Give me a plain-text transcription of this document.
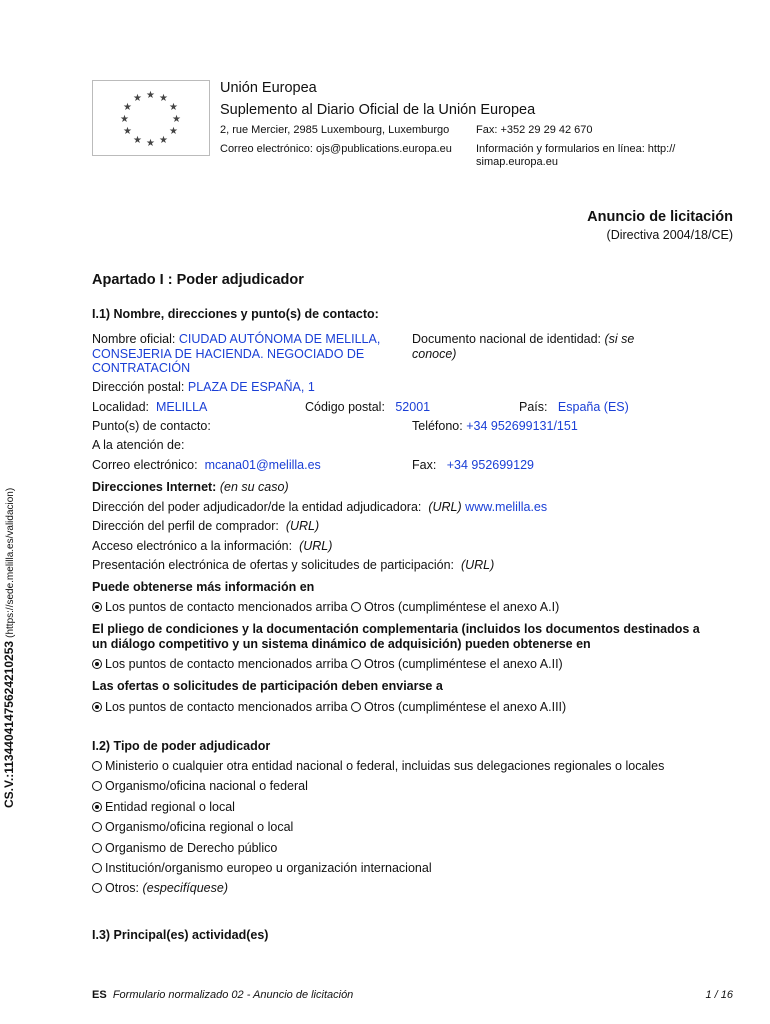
★ ★
★
★
★
★
★
★
★
★
★
★
Unión Europea
Suplemento al Diario Oficial de la Unión Europea
2, rue Mercier, 2985 Luxembourg, Luxemburgo Fax: +352 29 29 42 670
Correo electrónico: ojs@publications.europa.eu Información y formularios en línea: http://
simap.europa.eu
Anuncio de licitación
(Directiva 2004/18/CE)
Apartado I : Poder adjudicador
I.1) Nombre, direcciones y punto(s) de contacto:
Nombre oficial: CIUDAD AUTÓNOMA DE MELILLA,
CONSEJERIA DE HACIENDA. NEGOCIADO DE
CONTRATACIÓN
Documento nacional de identidad: (si se
conoce)
Dirección postal: PLAZA DE ESPAÑA, 1
Localidad: MELILLA	Código postal: 52001	País: España (ES)
Punto(s) de contacto:	Teléfono: +34 952699131/151
A la atención de:
Correo electrónico: mcana01@melilla.es	Fax: +34 952699129
Direcciones Internet: (en su caso)
Dirección del poder adjudicador/de la entidad adjudicadora: (URL) www.melilla.es
Dirección del perfil de comprador: (URL)
Acceso electrónico a la información: (URL)
Presentación electrónica de ofertas y solicitudes de participación: (URL)
Puede obtenerse más información en
Los puntos de contacto mencionados arriba Otros (cumpliméntese el anexo A.I)
El pliego de condiciones y la documentación complementaria (incluidos los documentos destinados a
un diálogo competitivo y un sistema dinámico de adquisición) pueden obtenerse en
Los puntos de contacto mencionados arriba Otros (cumpliméntese el anexo A.II)
Las ofertas o solicitudes de participación deben enviarse a
Los puntos de contacto mencionados arriba Otros (cumpliméntese el anexo A.III)
I.2) Tipo de poder adjudicador
Ministerio o cualquier otra entidad nacional o federal, incluidas sus delegaciones regionales o locales
Organismo/oficina nacional o federal
Entidad regional o local
Organismo/oficina regional o local
Organismo de Derecho público
Institución/organismo europeo u organización internacional
Otros: (especifíquese)
I.3) Principal(es) actividad(es)
CS.V.:11344041475624210253 (https://sede.melilla.es/validacion)
ES Formulario normalizado 02 - Anuncio de licitación	1 / 16
